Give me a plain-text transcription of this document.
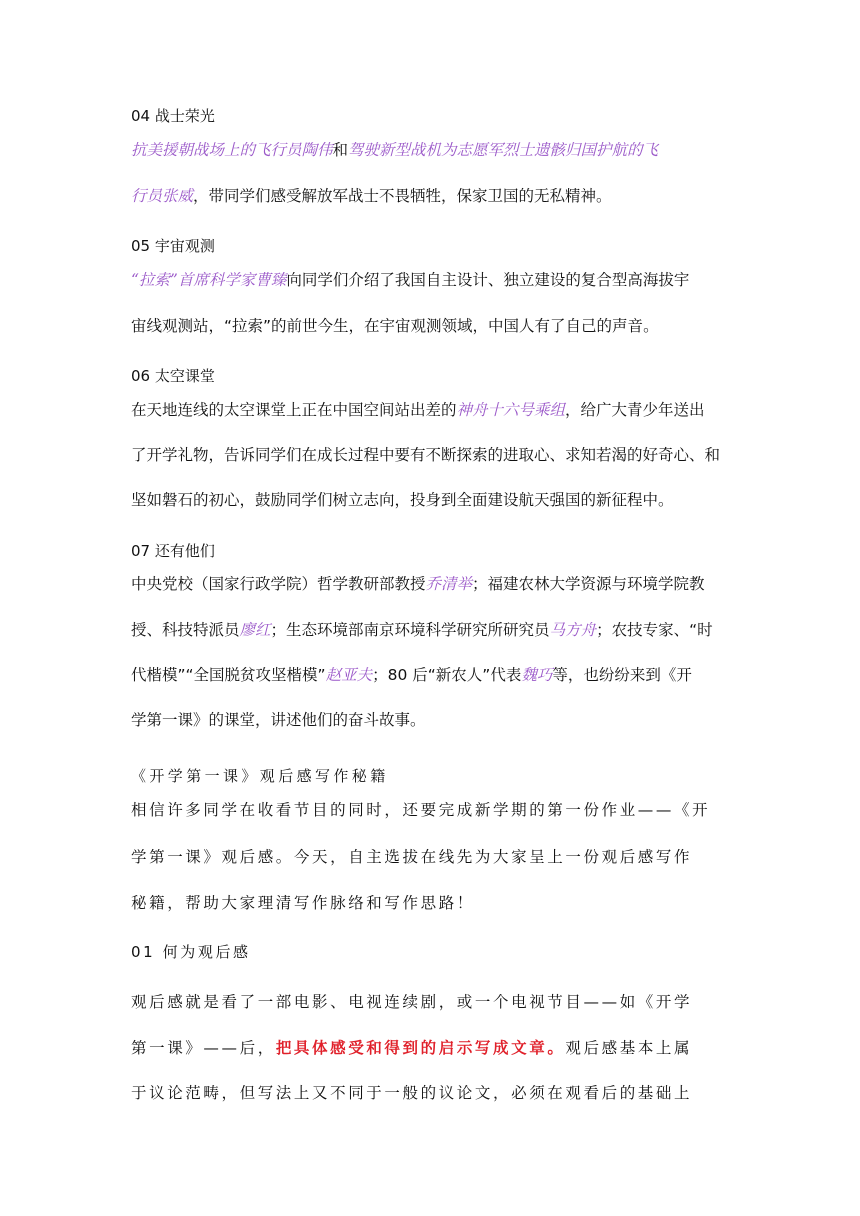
04 战士荣光
抗美援朝战场上的飞行员陶伟和驾驶新型战机为志愿军烈士遗骸归国护航的飞
行员张威，带同学们感受解放军战士不畏牺牲，保家卫国的无私精神。
05 宇宙观测
“拉索”首席科学家曹臻向同学们介绍了我国自主设计、独立建设的复合型高海拔宇
宙线观测站，“拉索”的前世今生，在宇宙观测领域，中国人有了自己的声音。
06 太空课堂
在天地连线的太空课堂上正在中国空间站出差的神舟十六号乘组，给广大青少年送出
了开学礼物，告诉同学们在成长过程中要有不断探索的进取心、求知若渴的好奇心、和
坚如磐石的初心，鼓励同学们树立志向，投身到全面建设航天强国的新征程中。
07 还有他们
中央党校（国家行政学院）哲学教研部教授乔清举；福建农林大学资源与环境学院教
授、科技特派员廖红；生态环境部南京环境科学研究所研究员马方舟；农技专家、“时
代楷模”“全国脱贫攻坚楷模”赵亚夫；80 后“新农人”代表魏巧等，也纷纷来到《开
学第一课》的课堂，讲述他们的奋斗故事。
《开学第一课》观后感写作秘籍
相信许多同学在收看节目的同时，还要完成新学期的第一份作业——《开
学第一课》观后感。今天，自主选拔在线先为大家呈上一份观后感写作
秘籍，帮助大家理清写作脉络和写作思路！
01 何为观后感
观后感就是看了一部电影、电视连续剧，或一个电视节目——如《开学
第一课》——后，把具体感受和得到的启示写成文章。观后感基本上属
于议论范畴，但写法上又不同于一般的议论文，必须在观看后的基础上
